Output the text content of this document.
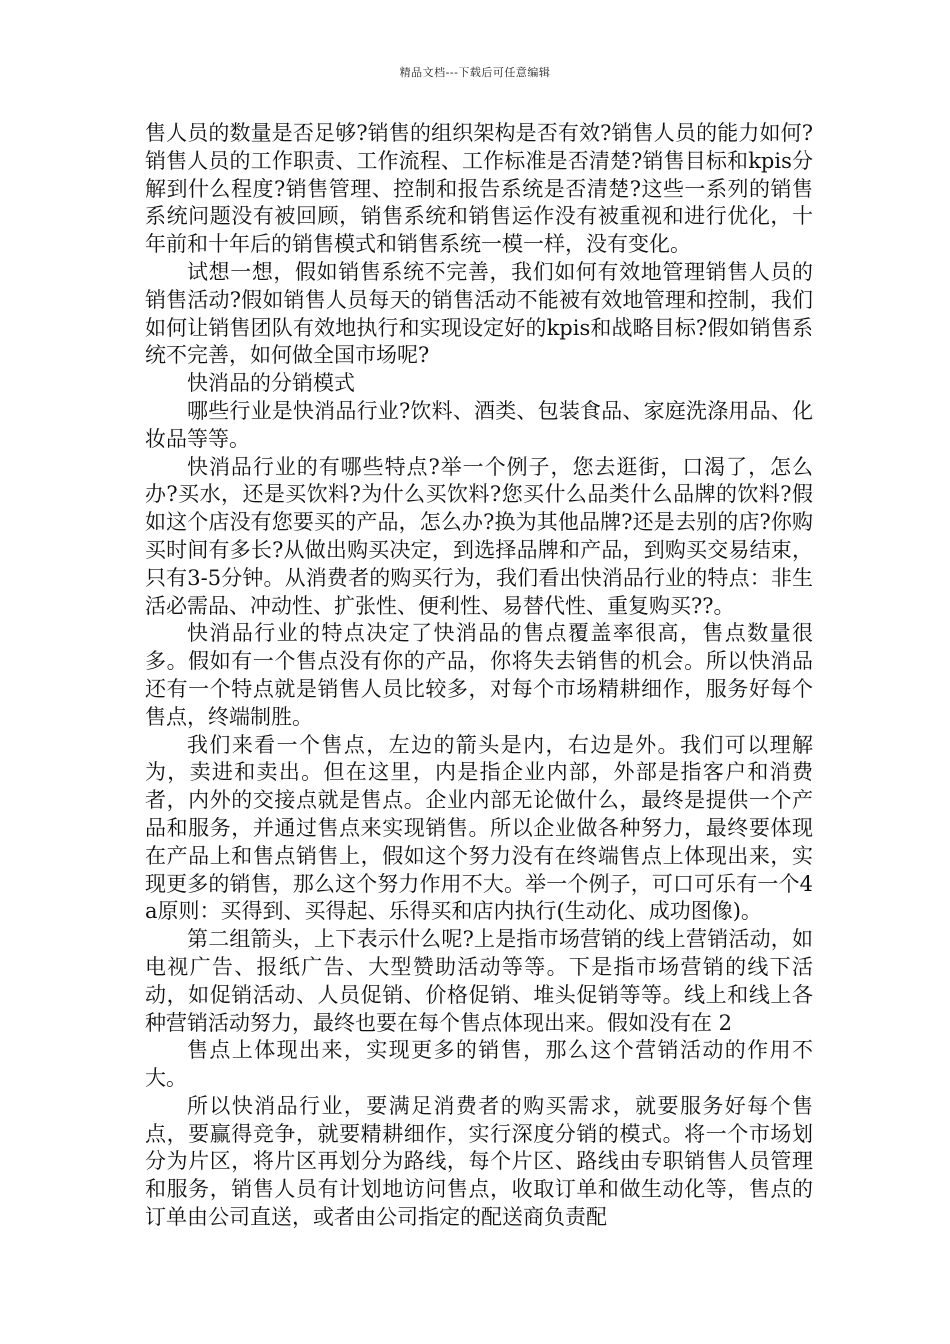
精品文档---下载后可任意编辑

售人员的数量是否足够?销售的组织架构是否有效?销售人员的能力如何?销售人员的工作职责、工作流程、工作标准是否清楚?销售目标和kpis分解到什么程度?销售管理、控制和报告系统是否清楚?这些一系列的销售系统问题没有被回顾，销售系统和销售运作没有被重视和进行优化，十年前和十年后的销售模式和销售系统一模一样，没有变化。

试想一想，假如销售系统不完善，我们如何有效地管理销售人员的销售活动?假如销售人员每天的销售活动不能被有效地管理和控制，我们如何让销售团队有效地执行和实现设定好的kpis和战略目标?假如销售系统不完善，如何做全国市场呢?

快消品的分销模式

哪些行业是快消品行业?饮料、酒类、包装食品、家庭洗涤用品、化妆品等等。

快消品行业的有哪些特点?举一个例子，您去逛街，口渴了，怎么办?买水，还是买饮料?为什么买饮料?您买什么品类什么品牌的饮料?假如这个店没有您要买的产品，怎么办?换为其他品牌?还是去别的店?你购买时间有多长?从做出购买决定，到选择品牌和产品，到购买交易结束，只有3-5分钟。从消费者的购买行为，我们看出快消品行业的特点：非生活必需品、冲动性、扩张性、便利性、易替代性、重复购买??。

快消品行业的特点决定了快消品的售点覆盖率很高，售点数量很多。假如有一个售点没有你的产品，你将失去销售的机会。所以快消品还有一个特点就是销售人员比较多，对每个市场精耕细作，服务好每个售点，终端制胜。

我们来看一个售点，左边的箭头是内，右边是外。我们可以理解为，卖进和卖出。但在这里，内是指企业内部，外部是指客户和消费者，内外的交接点就是售点。企业内部无论做什么，最终是提供一个产品和服务，并通过售点来实现销售。所以企业做各种努力，最终要体现在产品上和售点销售上，假如这个努力没有在终端售点上体现出来，实现更多的销售，那么这个努力作用不大。举一个例子，可口可乐有一个4a原则：买得到、买得起、乐得买和店内执行(生动化、成功图像)。

第二组箭头，上下表示什么呢?上是指市场营销的线上营销活动，如电视广告、报纸广告、大型赞助活动等等。下是指市场营销的线下活动，如促销活动、人员促销、价格促销、堆头促销等等。线上和线上各种营销活动努力，最终也要在每个售点体现出来。假如没有在 2

售点上体现出来，实现更多的销售，那么这个营销活动的作用不大。

所以快消品行业，要满足消费者的购买需求，就要服务好每个售点，要赢得竞争，就要精耕细作，实行深度分销的模式。将一个市场划分为片区，将片区再划分为路线，每个片区、路线由专职销售人员管理和服务，销售人员有计划地访问售点，收取订单和做生动化等，售点的订单由公司直送，或者由公司指定的配送商负责配
